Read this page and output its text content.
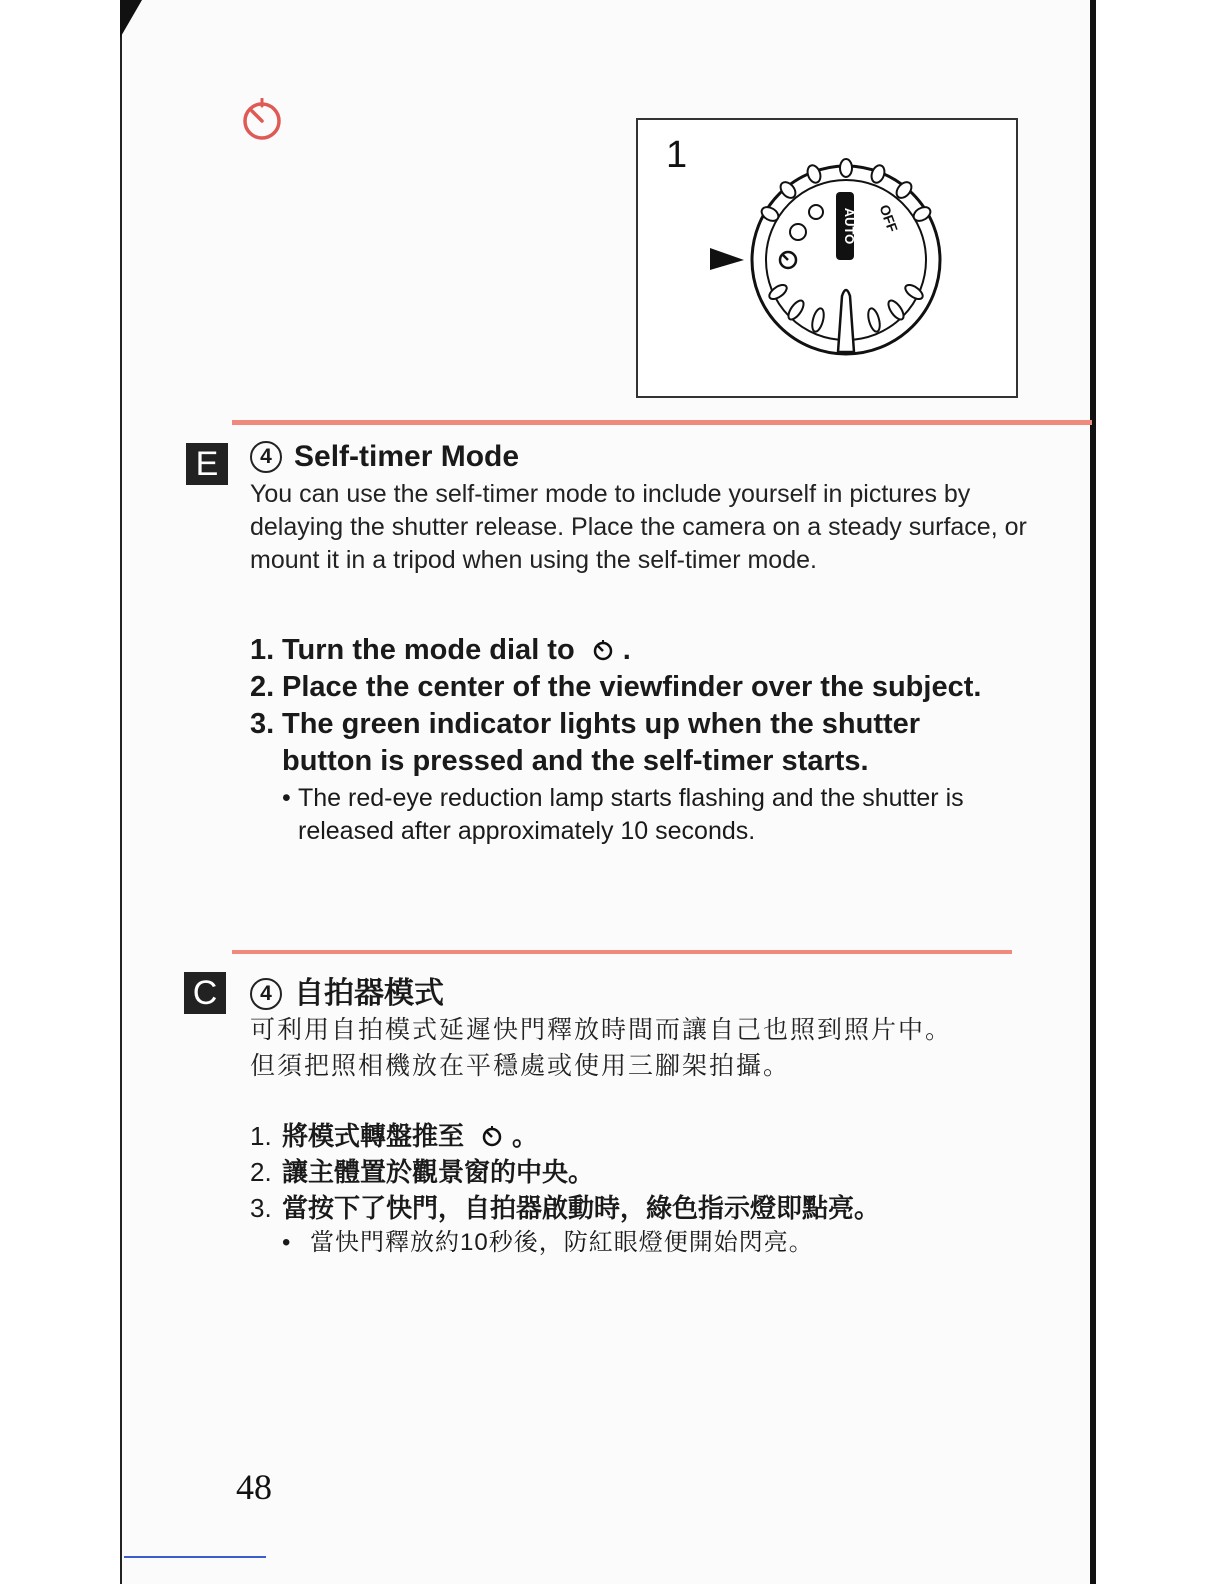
1
AUTO OFF
E	4 Self-timer Mode

You can use the self-timer mode to include yourself in pictures by delaying the shutter release. Place the camera on a steady surface, or mount it in a tripod when using the self-timer mode.

1. Turn the mode dial to .
2. Place the center of the viewfinder over the subject.
3. The green indicator lights up when the shutter button is pressed and the self-timer starts.
• The red-eye reduction lamp starts flashing and the shutter is released after approximately 10 seconds.
C	4 自拍器模式

可利用自拍模式延遲快門釋放時間而讓自己也照到照片中。但須把照相機放在平穩處或使用三腳架拍攝。

1. 將模式轉盤推至 。
2. 讓主體置於觀景窗的中央。
3. 當按下了快門，自拍器啟動時，綠色指示燈即點亮。
• 當快門釋放約10秒後，防紅眼燈便開始閃亮。
48
